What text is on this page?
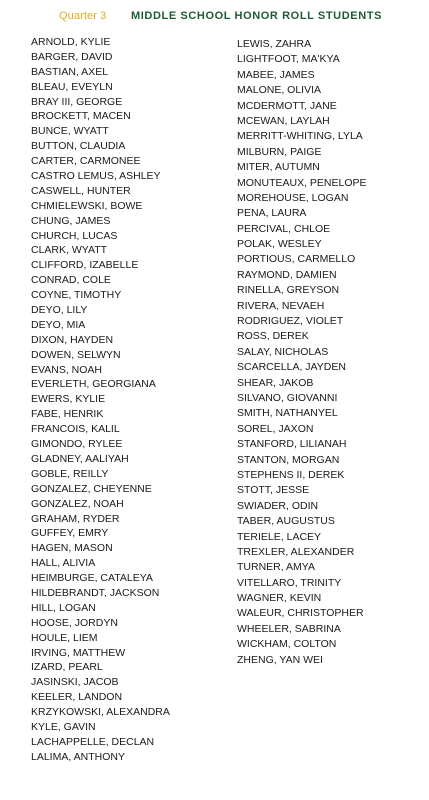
Quarter 3 MIDDLE SCHOOL HONOR ROLL STUDENTS
ARNOLD, KYLIE
BARGER, DAVID
BASTIAN, AXEL
BLEAU, EVEYLN
BRAY III, GEORGE
BROCKETT, MACEN
BUNCE, WYATT
BUTTON, CLAUDIA
CARTER, CARMONEE
CASTRO LEMUS, ASHLEY
CASWELL, HUNTER
CHMIELEWSKI, BOWE
CHUNG, JAMES
CHURCH, LUCAS
CLARK, WYATT
CLIFFORD, IZABELLE
CONRAD, COLE
COYNE, TIMOTHY
DEYO, LILY
DEYO, MIA
DIXON, HAYDEN
DOWEN, SELWYN
EVANS, NOAH
EVERLETH, GEORGIANA
EWERS, KYLIE
FABE, HENRIK
FRANCOIS, KALIL
GIMONDO, RYLEE
GLADNEY, AALIYAH
GOBLE, REILLY
GONZALEZ, CHEYENNE
GONZALEZ, NOAH
GRAHAM, RYDER
GUFFEY, EMRY
HAGEN, MASON
HALL, ALIVIA
HEIMBURGE, CATALEYA
HILDEBRANDT, JACKSON
HILL, LOGAN
HOOSE, JORDYN
HOULE, LIEM
IRVING, MATTHEW
IZARD, PEARL
JASINSKI, JACOB
KEELER, LANDON
KRZYKOWSKI, ALEXANDRA
KYLE, GAVIN
LACHAPPELLE, DECLAN
LALIMA, ANTHONY
LEWIS, ZAHRA
LIGHTFOOT, MA'KYA
MABEE, JAMES
MALONE, OLIVIA
MCDERMOTT, JANE
MCEWAN, LAYLAH
MERRITT-WHITING, LYLA
MILBURN, PAIGE
MITER, AUTUMN
MONUTEAUX, PENELOPE
MOREHOUSE, LOGAN
PENA, LAURA
PERCIVAL, CHLOE
POLAK, WESLEY
PORTIOUS, CARMELLO
RAYMOND, DAMIEN
RINELLA, GREYSON
RIVERA, NEVAEH
RODRIGUEZ, VIOLET
ROSS, DEREK
SALAY, NICHOLAS
SCARCELLA, JAYDEN
SHEAR, JAKOB
SILVANO, GIOVANNI
SMITH, NATHANYEL
SOREL, JAXON
STANFORD, LILIANAH
STANTON, MORGAN
STEPHENS II, DEREK
STOTT, JESSE
SWIADER, ODIN
TABER, AUGUSTUS
TERIELE, LACEY
TREXLER, ALEXANDER
TURNER, AMYA
VITELLARO, TRINITY
WAGNER, KEVIN
WALEUR, CHRISTOPHER
WHEELER, SABRINA
WICKHAM, COLTON
ZHENG, YAN WEI
